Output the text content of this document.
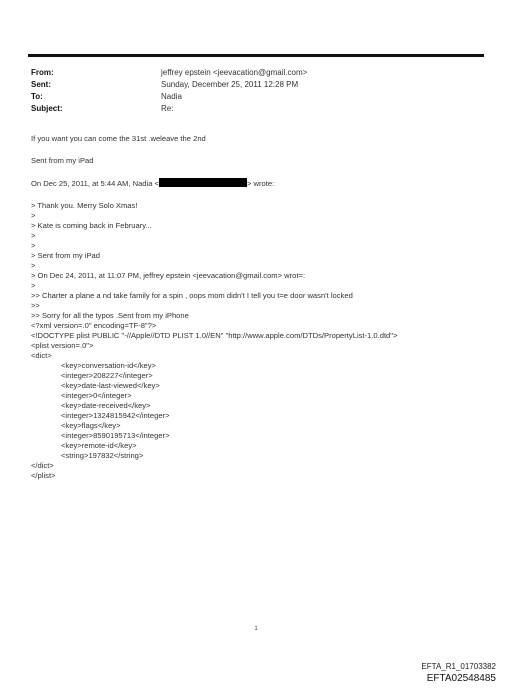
From:	jeffrey epstein <jeevacation@gmail.com>
Sent:	Sunday, December 25, 2011 12:28 PM
To:	Nadia
Subject:	Re:

If you want you can come the 31st .weleave the 2nd

Sent from my iPad

On Dec 25, 2011, at 5:44 AM, Nadia <	> wrote:

> Thank you. Merry Solo Xmas!

>

> Kate is coming back in February...

>

>

> Sent from my iPad

>

> On Dec 24, 2011, at 11:07 PM, jeffrey epstein <jeevacation@gmail.com> wrot=:

>

>> Charter a plane a nd take family for a spin , oops mom didn't I tell you t=e door wasn't locked

>>

>> Sorry for all the typos .Sent from my iPhone

<?xml version=.0" encoding=TF-8"?>

<!DOCTYPE plist PUBLIC "-//Apple//DTD PLIST 1.0//EN" "http://www.apple.com/DTDs/PropertyList-1.0.dtd">

<plist version=.0">

<dict>

<key>conversation-id</key>

<integer>208227</integer>

<key>date-last-viewed</key>

<integer>0</integer>

<key>date-received</key>

<integer>1324815942</integer>

<key>flags</key>

<integer>8590195713</integer>

<key>remote-id</key>

<string>197832</string>

</dict>

</plist>

1
EFTA_R1_01703382
EFTA02548485
